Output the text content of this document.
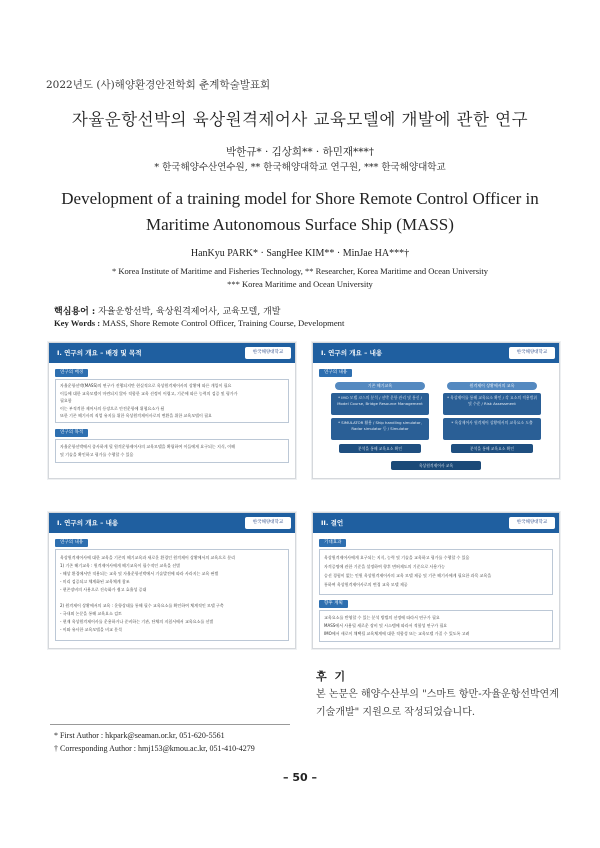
2022년도 (사)해양환경안전학회 춘계학술발표회
자율운항선박의 육상원격제어사 교육모델에 개발에 관한 연구
박한규* · 김상희** · 하민재***†
* 한국해양수산연수원, ** 한국해양대학교 연구원, *** 한국해양대학교
Development of a training model for Shore Remote Control Officer in
Maritime Autonomous Surface Ship (MASS)
HanKyu PARK* · SangHee KIM** · MinJae HA***†
* Korea Institute of Maritime and Fisheries Technology, ** Researcher, Korea Maritime and Ocean University
*** Korea Maritime and Ocean University
핵심용어 : 자율운항선박, 육상원격제어사, 교육모델, 개발
Key Words : MASS, Shore Remote Control Officer, Training Course, Development
I. 연구의 개요 – 배경 및 목적	한국해양대학교
연구의 배경
자율운항선박(MASS)의 연구가 진행되지만 현실적으로 육상원격제어사의 상황에 따른 개입이 필요
이들에 대한 교육모델이 마련되지 않아 적합한 교육 선정이 어렵고, 기준에 따른 능력의 검증 및 평가가
필요함
이는 부적격한 제어사의 등장으로 안전운항에 위협요소가 됨
또한 기존 해기사의 직업 유지를 위한 육상원격제어사로의 변환을 위한 교육모델이 필요
연구의 목적
자율운항선박에서 종사하게 될 원격운항제어사의 교육모델을 확립하여 이들에게 요구되는 지식, 이해
및 기술을 확인하고 평가를 수행할 수 있음
I. 연구의 개요 – 내용	한국해양대학교
연구의 내용
기존 해기교육
* IMO 모델 코스의 분석 / 선박 운항 관리 및 통신 / Model Course, Bridge Resource Management
* SIMULATOR 활용 / Ship handling simulator, Radar simulator 등 / Simulator
분석을 통해 교육요소 확인
원격제어 상황에서의 교육
* 육상제어를 통해 교육요소 확인 / 각 요소의 적용범위 및 수준 / Risk Assessment
* 육상제어사 원격제어 상황에서의 교육요소 도출
분석을 통해 교육요소 확인
육상원격제어사 교육
I. 연구의 개요 – 내용	한국해양대학교
연구의 내용
육상원격제어사에 대한 교육을 기존의 해기교육과 새로운 환경인 원격제어 상황에서의 교육으로 분리
1) 기존 해기교육 : 원격제어사에게 해기교육이 필수적인 교육을 선별
- 해상 환경에서만 적용되는 교육 및 자율운항선박에서 기술발전에 따라 사라지는 교육 판별
- 미리 검증되고 체계화된 교육체계 참조
- 현존장비의 사용으로 진속화가 쉽고 효율성 증대
2) 원격제어 상황에서의 교육 : 운항상태를 통해 필수 교육요소를 확인하여 체계적인 모델 구축
- 국내외 논문을 통해 교육요소 검토
- 현재 육상원격제어사를 운용하거나 준비하는 기관, 단체의 지침서에서 교육요소를 선별
- 이와 유사한 교육모델을 비교 분석
II. 결언	한국해양대학교
기대효과
육상원격제어사에게 요구되는 지식, 능력 및 기술을 교육하고 평가를 수행할 수 있음
자격증명에 관한 기준을 설정하여 향후 면허제도의 기준으로 사용가능
승선 경험이 없는 인원 육상원격제어사의 교육 모델 제공 및 기존 해기사에게 필요한 과목 교육을
통하여 육상원격제어사로의 변경 교육 모델 제공
향후 계획
교육요소를 반영할 수 있는 분석 방법의 선정에 따라서 연구가 필요
MASS에서 사용될 새로운 장비 및 시스템에 따라서 적합성 연구가 필요
IMO에서 새로이 채택될 교육체계에 대한 적합성 또는 교육모델 가질 수 있도록 고려
후 기
본 논문은 해양수산부의 "스마트 항만-자율운항선박연계 기술개발" 지원으로 작성되었습니다.
* First Author : hkpark@seaman.or.kr, 051-620-5561
† Corresponding Author : hmj153@kmou.ac.kr, 051-410-4279
– 50 –
